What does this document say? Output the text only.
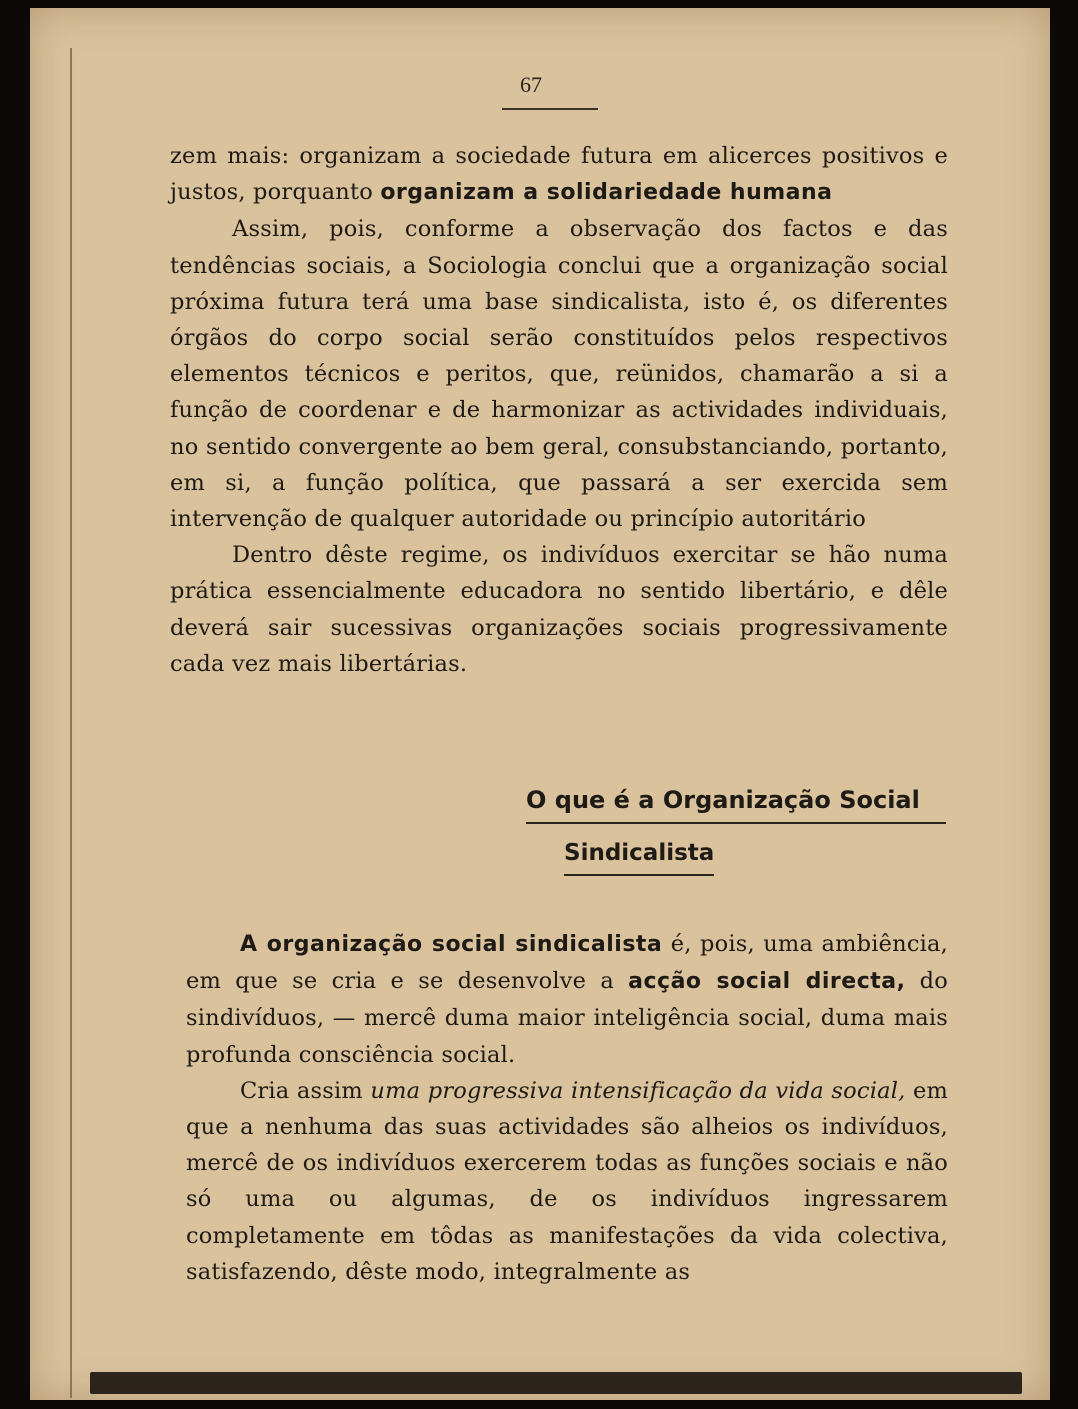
67

zem mais: organizam a sociedade futura em alicerces positivos e justos, porquanto organizam a solidariedade humana

Assim, pois, conforme a observação dos factos e das tendências sociais, a Sociologia conclui que a organização social próxima futura terá uma base sindicalista, isto é, os diferentes órgãos do corpo social serão constituídos pelos respectivos elementos técnicos e peritos, que, reünidos, chamarão a si a função de coordenar e de harmonizar as actividades individuais, no sentido convergente ao bem geral, consubstanciando, portanto, em si, a função política, que passará a ser exercida sem intervenção de qualquer autoridade ou princípio autoritário

Dentro dêste regime, os indivíduos exercitar se hão numa prática essencialmente educadora no sentido libertário, e dêle deverá sair sucessivas organizações sociais progressivamente cada vez mais libertárias.

O que é a Organização Social
Sindicalista

A organização social sindicalista é, pois, uma ambiência, em que se cria e se desenvolve a acção social directa, do sindivíduos, — mercê duma maior inteligência social, duma mais profunda consciência social.

Cria assim uma progressiva intensificação da vida social, em que a nenhuma das suas actividades são alheios os indivíduos, mercê de os indivíduos exercerem todas as funções sociais e não só uma ou algumas, de os indivíduos ingressarem completamente em tôdas as manifestações da vida colectiva, satisfazendo, dêste modo, integralmente as
